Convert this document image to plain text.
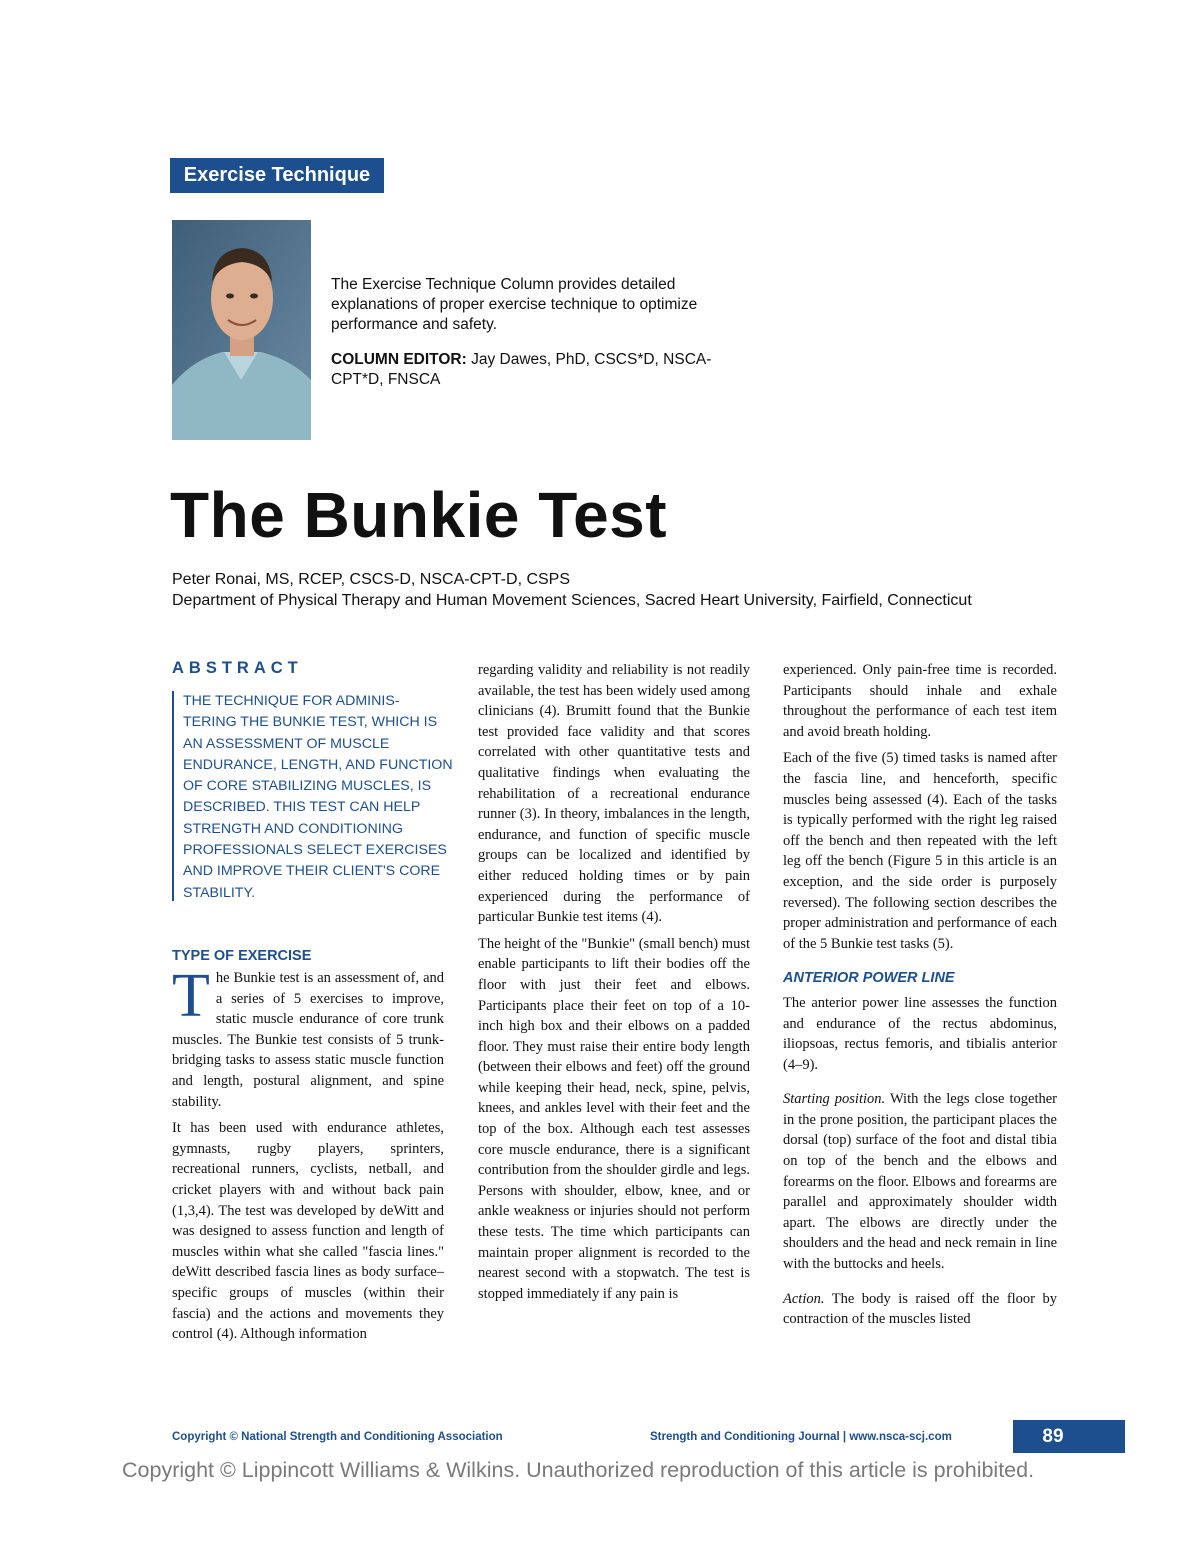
Exercise Technique

The Exercise Technique Column provides detailed explanations of proper exercise technique to optimize performance and safety.

COLUMN EDITOR: Jay Dawes, PhD, CSCS*D, NSCA-CPT*D, FNSCA

The Bunkie Test
Peter Ronai, MS, RCEP, CSCS-D, NSCA-CPT-D, CSPS
Department of Physical Therapy and Human Movement Sciences, Sacred Heart University, Fairfield, Connecticut
ABSTRACT
THE TECHNIQUE FOR ADMINIS-TERING THE BUNKIE TEST, WHICH IS AN ASSESSMENT OF MUSCLE ENDURANCE, LENGTH, AND FUNCTION OF CORE STABILIZING MUSCLES, IS DESCRIBED. THIS TEST CAN HELP STRENGTH AND CONDITIONING PROFESSIONALS SELECT EXERCISES AND IMPROVE THEIR CLIENT'S CORE STABILITY.
TYPE OF EXERCISE

The Bunkie test is an assessment of, and a series of 5 exercises to improve, static muscle endurance of core trunk muscles. The Bunkie test consists of 5 trunk-bridging tasks to assess static muscle function and length, postural alignment, and spine stability.

It has been used with endurance athletes, gymnasts, rugby players, sprinters, recreational runners, cyclists, netball, and cricket players with and without back pain (1,3,4). The test was developed by deWitt and was designed to assess function and length of muscles within what she called "fascia lines." deWitt described fascia lines as body surface–specific groups of muscles (within their fascia) and the actions and movements they control (4). Although information

regarding validity and reliability is not readily available, the test has been widely used among clinicians (4). Brumitt found that the Bunkie test provided face validity and that scores correlated with other quantitative tests and qualitative findings when evaluating the rehabilitation of a recreational endurance runner (3). In theory, imbalances in the length, endurance, and function of specific muscle groups can be localized and identified by either reduced holding times or by pain experienced during the performance of particular Bunkie test items (4).

The height of the "Bunkie" (small bench) must enable participants to lift their bodies off the floor with just their feet and elbows. Participants place their feet on top of a 10-inch high box and their elbows on a padded floor. They must raise their entire body length (between their elbows and feet) off the ground while keeping their head, neck, spine, pelvis, knees, and ankles level with their feet and the top of the box. Although each test assesses core muscle endurance, there is a significant contribution from the shoulder girdle and legs. Persons with shoulder, elbow, knee, and or ankle weakness or injuries should not perform these tests. The time which participants can maintain proper alignment is recorded to the nearest second with a stopwatch. The test is stopped immediately if any pain is

experienced. Only pain-free time is recorded. Participants should inhale and exhale throughout the performance of each test item and avoid breath holding.

Each of the five (5) timed tasks is named after the fascia line, and henceforth, specific muscles being assessed (4). Each of the tasks is typically performed with the right leg raised off the bench and then repeated with the left leg off the bench (Figure 5 in this article is an exception, and the side order is purposely reversed). The following section describes the proper administration and performance of each of the 5 Bunkie test tasks (5).

ANTERIOR POWER LINE

The anterior power line assesses the function and endurance of the rectus abdominus, iliopsoas, rectus femoris, and tibialis anterior (4–9).

Starting position. With the legs close together in the prone position, the participant places the dorsal (top) surface of the foot and distal tibia on top of the bench and the elbows and forearms on the floor. Elbows and forearms are parallel and approximately shoulder width apart. The elbows are directly under the shoulders and the head and neck remain in line with the buttocks and heels.

Action. The body is raised off the floor by contraction of the muscles listed

Copyright © National Strength and Conditioning Association	Strength and Conditioning Journal | www.nsca-scj.com	89
Copyright © Lippincott Williams & Wilkins. Unauthorized reproduction of this article is prohibited.
